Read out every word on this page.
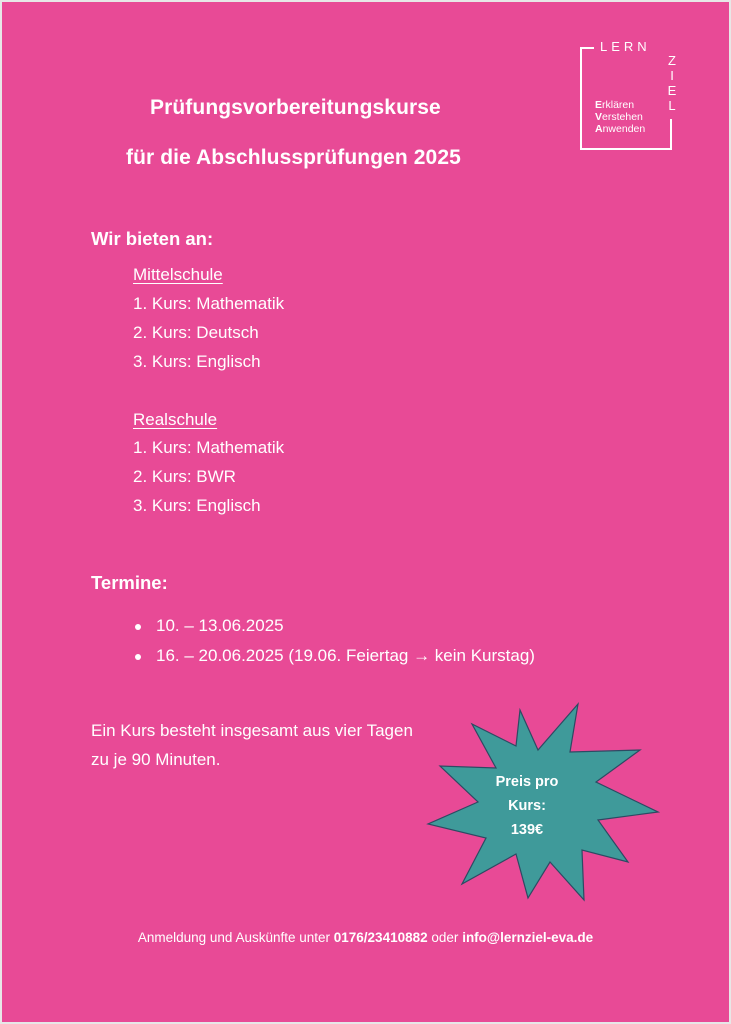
LERN
Z
I
E
L
Erklären
Verstehen
Anwenden
Prüfungsvorbereitungskurse
für die Abschlussprüfungen 2025
Wir bieten an:
Mittelschule
1. Kurs: Mathematik
2. Kurs: Deutsch
3. Kurs: Englisch
Realschule
1. Kurs: Mathematik
2. Kurs: BWR
3. Kurs: Englisch
Termine:
10. – 13.06.2025
16. – 20.06.2025 (19.06. Feiertag → kein Kurstag)
Ein Kurs besteht insgesamt aus vier Tagen
zu je 90 Minuten.
Preis pro
Kurs:
139€
Anmeldung und Auskünfte unter 0176/23410882 oder info@lernziel-eva.de
